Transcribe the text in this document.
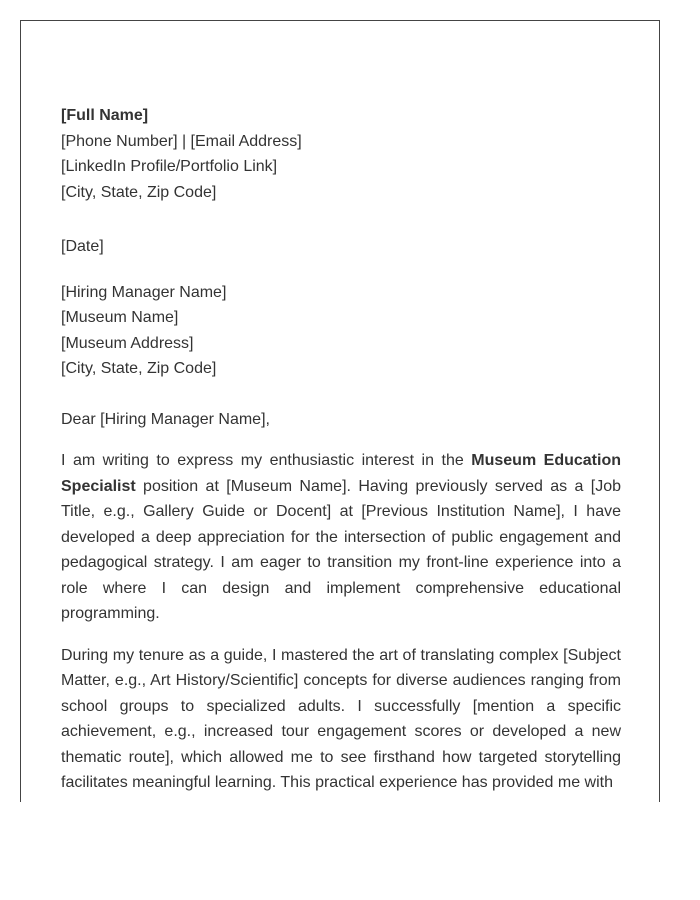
[Full Name]
[Phone Number] | [Email Address]
[LinkedIn Profile/Portfolio Link]
[City, State, Zip Code]
[Date]
[Hiring Manager Name]
[Museum Name]
[Museum Address]
[City, State, Zip Code]
Dear [Hiring Manager Name],

I am writing to express my enthusiastic interest in the Museum Education Specialist position at [Museum Name]. Having previously served as a [Job Title, e.g., Gallery Guide or Docent] at [Previous Institution Name], I have developed a deep appreciation for the intersection of public engagement and pedagogical strategy. I am eager to transition my front-line experience into a role where I can design and implement comprehensive educational programming.

During my tenure as a guide, I mastered the art of translating complex [Subject Matter, e.g., Art History/Scientific] concepts for diverse audiences ranging from school groups to specialized adults. I successfully [mention a specific achievement, e.g., increased tour engagement scores or developed a new thematic route], which allowed me to see firsthand how targeted storytelling facilitates meaningful learning. This practical experience has provided me with
